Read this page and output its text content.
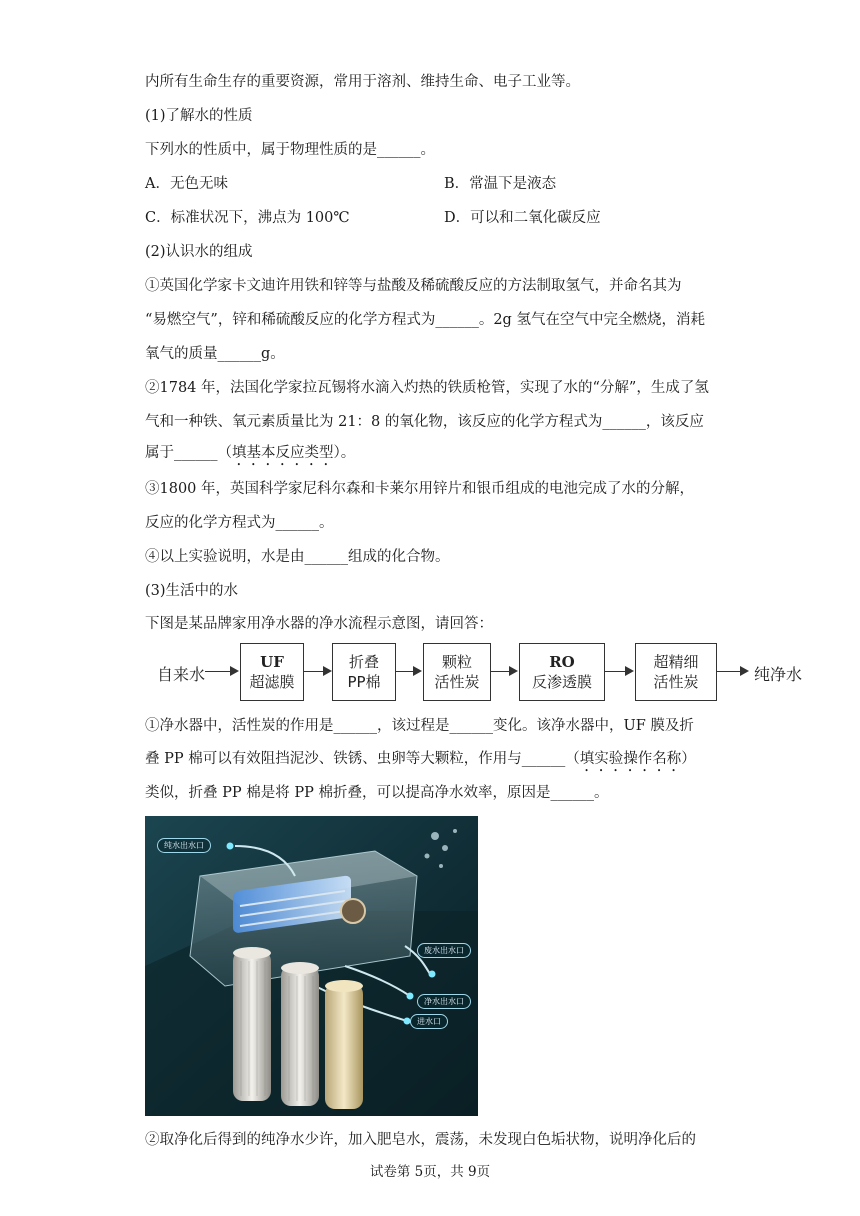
内所有生命生存的重要资源，常用于溶剂、维持生命、电子工业等。
(1)了解水的性质
下列水的性质中，属于物理性质的是______。
A．无色无味	B．常温下是液态
C．标准状况下，沸点为 100℃	D．可以和二氧化碳反应
(2)认识水的组成
①英国化学家卡文迪许用铁和锌等与盐酸及稀硫酸反应的方法制取氢气，并命名其为
“易燃空气”，锌和稀硫酸反应的化学方程式为______。2g 氢气在空气中完全燃烧，消耗
氧气的质量______g。
②1784 年，法国化学家拉瓦锡将水滴入灼热的铁质枪管，实现了水的“分解”，生成了氢
气和一种铁、氧元素质量比为 21：8 的氧化物，该反应的化学方程式为______，该反应
属于______（填基本反应类型）。
③1800 年，英国科学家尼科尔森和卡莱尔用锌片和银币组成的电池完成了水的分解，
反应的化学方程式为______。
④以上实验说明，水是由______组成的化合物。
(3)生活中的水
下图是某品牌家用净水器的净水流程示意图，请回答：
自来水
UF
超滤膜
折叠
PP棉
颗粒
活性炭
RO
反渗透膜
超精细
活性炭	纯净水
①净水器中，活性炭的作用是______，该过程是______变化。该净水器中，UF 膜及折
叠 PP 棉可以有效阻挡泥沙、铁锈、虫卵等大颗粒，作用与______（填实验操作名称）
类似，折叠 PP 棉是将 PP 棉折叠，可以提高净水效率，原因是______。
纯水出水口
废水出水口
净水出水口
进水口
②取净化后得到的纯净水少许，加入肥皂水，震荡，未发现白色垢状物，说明净化后的
试卷第 5页，共 9页
